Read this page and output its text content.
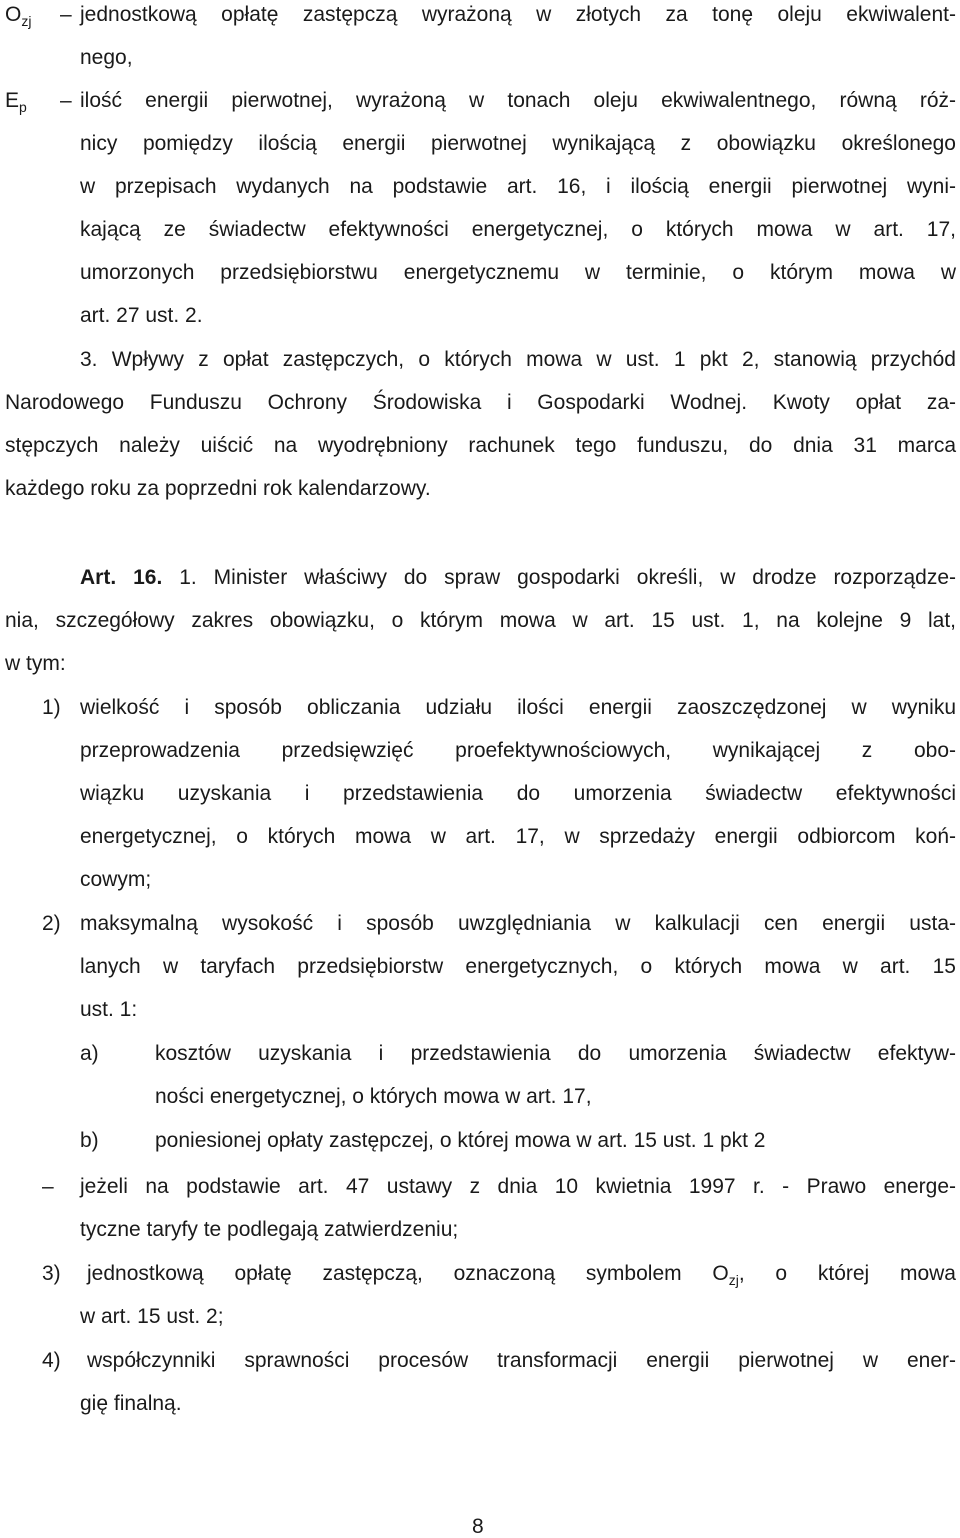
$O_{zj}$ – jednostkową opłatę zastępczą wyrażoną w złotych za tonę oleju ekwiwalent-
nego,
$E_p$ – ilość energii pierwotnej, wyrażoną w tonach oleju ekwiwalentnego, równą róż-
nicy pomiędzy ilością energii pierwotnej wynikającą z obowiązku określonego
w przepisach wydanych na podstawie art. 16, i ilością energii pierwotnej wyni-
kającą ze świadectw efektywności energetycznej, o których mowa w art. 17,
umorzonych przedsiębiorstwu energetycznemu w terminie, o którym mowa w
art. 27 ust. 2.
3. Wpływy z opłat zastępczych, o których mowa w ust. 1 pkt 2, stanowią przychód
Narodowego Funduszu Ochrony Środowiska i Gospodarki Wodnej. Kwoty opłat za-
stępczych należy uiścić na wyodrębniony rachunek tego funduszu, do dnia 31 marca
każdego roku za poprzedni rok kalendarzowy.
Art. 16. 1. Minister właściwy do spraw gospodarki określi, w drodze rozporządze-
nia, szczegółowy zakres obowiązku, o którym mowa w art. 15 ust. 1, na kolejne 9 lat,
w tym:
1) wielkość i sposób obliczania udziału ilości energii zaoszczędzonej w wyniku
przeprowadzenia przedsięwzięć proefektywnościowych, wynikającej z obo-
wiązku uzyskania i przedstawienia do umorzenia świadectw efektywności
energetycznej, o których mowa w art. 17, w sprzedaży energii odbiorcom koń-
cowym;
2) maksymalną wysokość i sposób uwzględniania w kalkulacji cen energii usta-
lanych w taryfach przedsiębiorstw energetycznych, o których mowa w art. 15
ust. 1:
a)	kosztów uzyskania i przedstawienia do umorzenia świadectw efektyw-
ności energetycznej, o których mowa w art. 17,
b)	poniesionej opłaty zastępczej, o której mowa w art. 15 ust. 1 pkt 2
– jeżeli na podstawie art. 47 ustawy z dnia 10 kwietnia 1997 r. - Prawo energe-
tyczne taryfy te podlegają zatwierdzeniu;
3) jednostkową opłatę zastępczą, oznaczoną symbolem $O_{zj}$, o której mowa
w art. 15 ust. 2;
4) współczynniki sprawności procesów transformacji energii pierwotnej w ener-
gię finalną.
8
